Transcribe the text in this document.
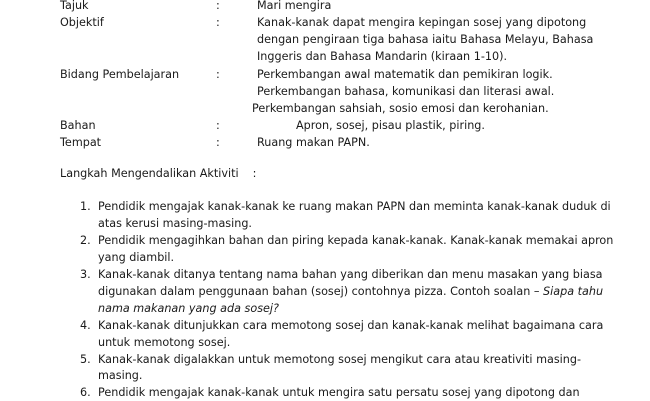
Tajuk	:	Mari mengira
Objektif	:	Kanak-kanak dapat mengira kepingan sosej yang dipotong
dengan pengiraan tiga bahasa iaitu Bahasa Melayu, Bahasa
Inggeris dan Bahasa Mandarin (kiraan 1-10).
Bidang Pembelajaran	:	Perkembangan awal matematik dan pemikiran logik.
Perkembangan bahasa, komunikasi dan literasi awal.
Perkembangan sahsiah, sosio emosi dan kerohanian.
Bahan	:	Apron, sosej, pisau plastik, piring.
Tempat	:	Ruang makan PAPN.
Langkah Mengendalikan Aktiviti :
1. Pendidik mengajak kanak-kanak ke ruang makan PAPN dan meminta kanak-kanak duduk di
atas kerusi masing-masing.
2. Pendidik mengagihkan bahan dan piring kepada kanak-kanak. Kanak-kanak memakai apron
yang diambil.
3. Kanak-kanak ditanya tentang nama bahan yang diberikan dan menu masakan yang biasa
digunakan dalam penggunaan bahan (sosej) contohnya pizza. Contoh soalan – Siapa tahu
nama makanan yang ada sosej?
4. Kanak-kanak ditunjukkan cara memotong sosej dan kanak-kanak melihat bagaimana cara
untuk memotong sosej.
5. Kanak-kanak digalakkan untuk memotong sosej mengikut cara atau kreativiti masing-
masing.
6. Pendidik mengajak kanak-kanak untuk mengira satu persatu sosej yang dipotong dan
